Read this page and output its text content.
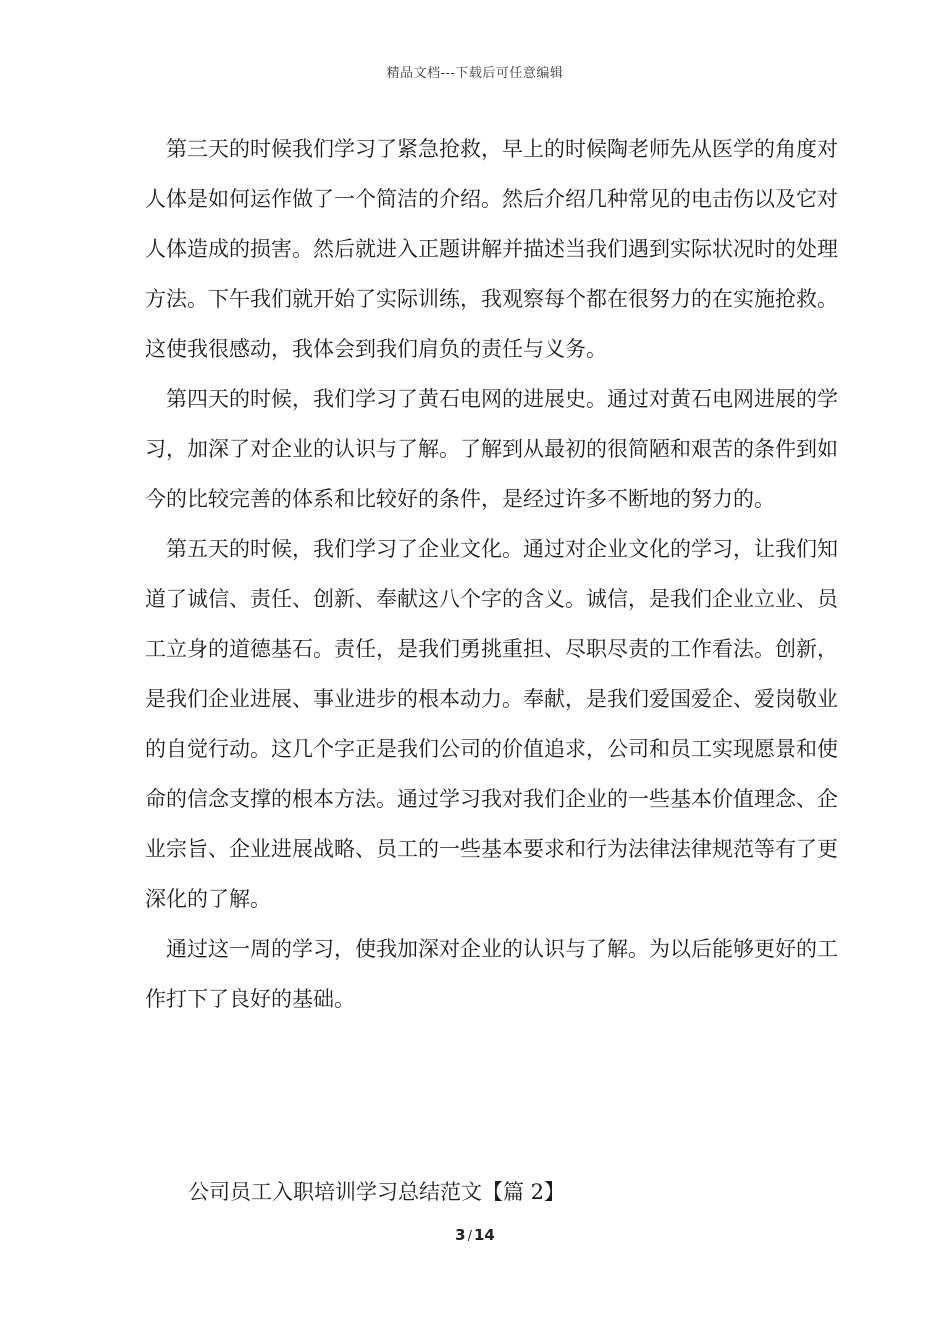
精品文档---下载后可任意编辑

第三天的时候我们学习了紧急抢救，早上的时候陶老师先从医学的角度对人体是如何运作做了一个简洁的介绍。然后介绍几种常见的电击伤以及它对人体造成的损害。然后就进入正题讲解并描述当我们遇到实际状况时的处理方法。下午我们就开始了实际训练，我观察每个都在很努力的在实施抢救。这使我很感动，我体会到我们肩负的责任与义务。

第四天的时候，我们学习了黄石电网的进展史。通过对黄石电网进展的学习，加深了对企业的认识与了解。了解到从最初的很简陋和艰苦的条件到如今的比较完善的体系和比较好的条件，是经过许多不断地的努力的。

第五天的时候，我们学习了企业文化。通过对企业文化的学习，让我们知道了诚信、责任、创新、奉献这八个字的含义。诚信，是我们企业立业、员工立身的道德基石。责任，是我们勇挑重担、尽职尽责的工作看法。创新，是我们企业进展、事业进步的根本动力。奉献，是我们爱国爱企、爱岗敬业的自觉行动。这几个字正是我们公司的价值追求，公司和员工实现愿景和使命的信念支撑的根本方法。通过学习我对我们企业的一些基本价值理念、企业宗旨、企业进展战略、员工的一些基本要求和行为法律法律规范等有了更深化的了解。

通过这一周的学习，使我加深对企业的认识与了解。为以后能够更好的工作打下了良好的基础。

公司员工入职培训学习总结范文【篇 2】
3 / 14
